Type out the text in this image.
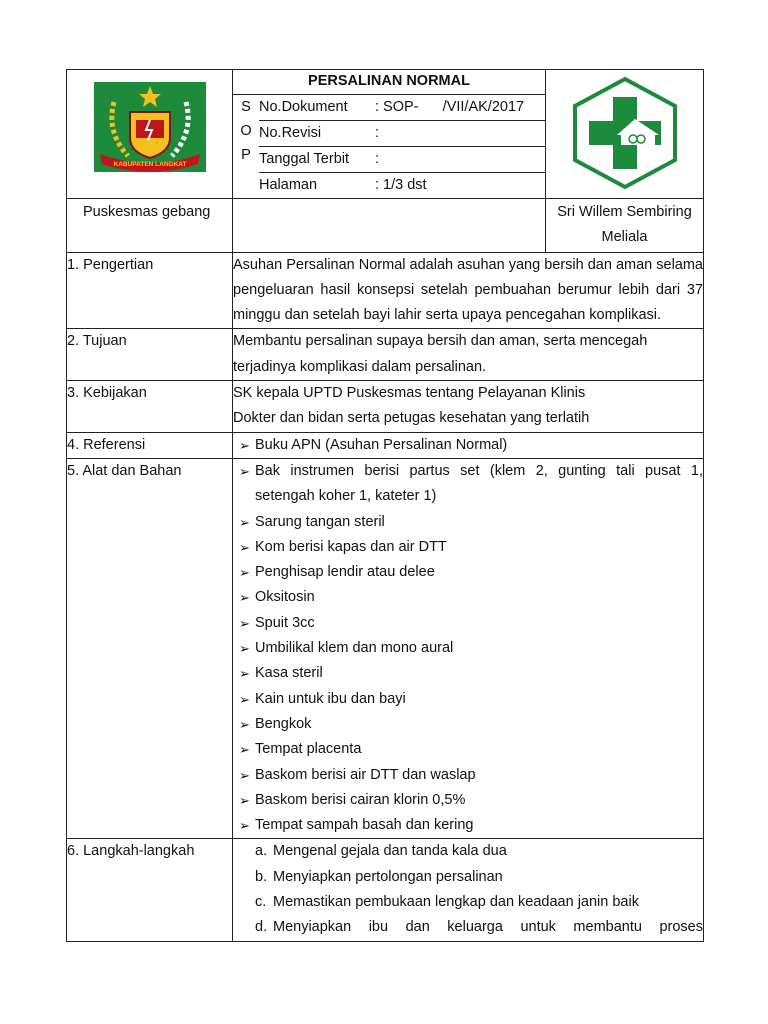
KABUPATEN LANGKAT

PERSALINAN NORMAL
S
O
P
	No.Dokument	: SOP-      /VII/AK/2017
No.Revisi	:
Tanggal Terbit	:
Halaman	: 1/3 dst

Puskesmas gebang		Sri Willem Sembiring Meliala
1. Pengertian	Asuhan Persalinan Normal adalah asuhan yang bersih dan aman selama pengeluaran hasil konsepsi setelah pembuahan berumur lebih dari 37 minggu dan setelah bayi lahir serta upaya pencegahan komplikasi.
2. Tujuan	Membantu persalinan supaya bersih dan aman, serta mencegah terjadinya komplikasi dalam persalinan.
3. Kebijakan	SK kepala UPTD Puskesmas tentang Pelayanan Klinis
Dokter dan bidan serta petugas kesehatan yang terlatih

4. Referensi	➢ Buku APN (Asuhan Persalinan Normal)

5. Alat dan Bahan	➢ Bak instrumen berisi partus set (klem 2, gunting tali pusat 1, setengah koher 1, kateter 1)
➢ Sarung tangan steril
➢ Kom berisi kapas dan air DTT
➢ Penghisap lendir atau delee
➢ Oksitosin
➢ Spuit 3cc
➢ Umbilikal klem dan mono aural
➢ Kasa steril
➢ Kain untuk ibu dan bayi
➢ Bengkok
➢ Tempat placenta
➢ Baskom berisi air DTT dan waslap
➢ Baskom berisi cairan klorin 0,5%
➢ Tempat sampah basah dan kering

6. Langkah-langkah	a. Mengenal gejala dan tanda kala dua
b. Menyiapkan pertolongan persalinan
c. Memastikan pembukaan lengkap dan keadaan janin baik
d. Menyiapkan ibu dan keluarga untuk membantu proses
